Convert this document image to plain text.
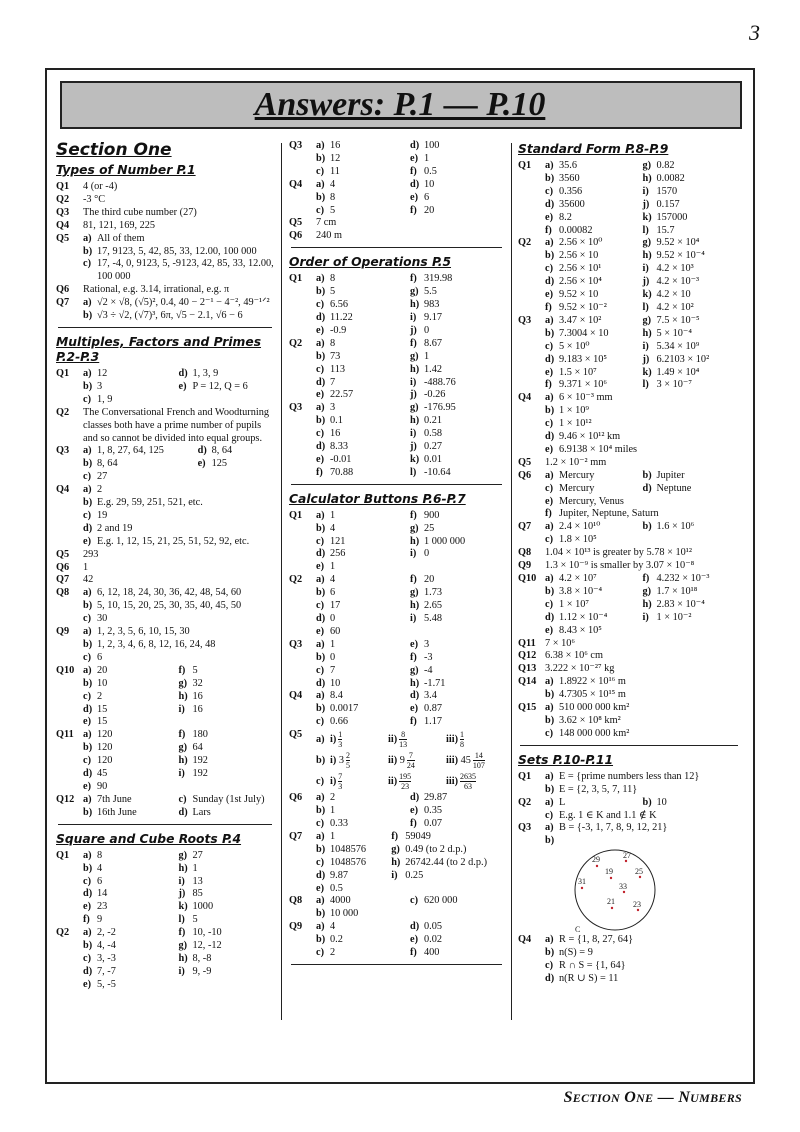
3
Answers: P.1 — P.10
Section One
Types of Number P.1
Q1	4 (or -4)
Q2	-3 °C
Q3	The third cube number (27)
Q4	81, 121, 169, 225
Q5	a) All of them
b) 17, 9123, 5, 42, 85, 33, 12.00, 100 000
c) 17, -4, 0, 9123, 5, -9123, 42, 85, 33, 12.00, 100 000
Q6	Rational, e.g. 3.14, irrational, e.g. π
Q7	a) √2 × √8, (√5)², 0.4, 40 − 2⁻¹ − 4⁻², 49⁻¹ᐟ²
b) √3 ÷ √2, (√7)³, 6π, √5 − 2.1, √6 − 6
Multiples, Factors and Primes
P.2-P.3
Q1	a) 12	d) 1, 3, 9
b) 3	e) P = 12, Q = 6
c) 1, 9
Q2	The Conversational French and Woodturning classes both have a prime number of pupils and so cannot be divided into equal groups.
Q3	a) 1, 8, 27, 64, 125	d) 8, 64
b) 8, 64	e) 125
c) 27
Q4	a) 2
b) E.g. 29, 59, 251, 521, etc.
c) 19
d) 2 and 19
e) E.g. 1, 12, 15, 21, 25, 51, 52, 92, etc.
Q5	293
Q6	1
Q7	42
Q8	a) 6, 12, 18, 24, 30, 36, 42, 48, 54, 60
b) 5, 10, 15, 20, 25, 30, 35, 40, 45, 50
c) 30
Q9	a) 1, 2, 3, 5, 6, 10, 15, 30
b) 1, 2, 3, 4, 6, 8, 12, 16, 24, 48
c) 6
Q10 a) 20	f) 5
b) 10	g) 32
c) 2	h) 16
d) 15	i) 16
e) 15
Q11 a) 120	f) 180
b) 120	g) 64
c) 120	h) 192
d) 45	i) 192
e) 90
Q12 a) 7th June	c) Sunday (1st July)
b) 16th June	d) Lars
Square and Cube Roots P.4
Q1	a) 8	g) 27
b) 4	h) 1
c) 6	i) 13
d) 14	j) 85
e) 23	k) 1000
f) 9	l) 5
Q2	a) 2, -2	f) 10, -10
b) 4, -4	g) 12, -12
c) 3, -3	h) 8, -8
d) 7, -7	i) 9, -9
e) 5, -5
Q3	a) 16	d) 100
b) 12	e) 1
c) 11	f) 0.5
Q4	a) 4	d) 10
b) 8	e) 6
c) 5	f) 20
Q5	7 cm
Q6	240 m
Order of Operations P.5
Q1	a) 8	f) 319.98
b) 5	g) 5.5
c) 6.56	h) 983
d) 11.22	i) 9.17
e) -0.9	j) 0
Q2	a) 8	f) 8.67
b) 73	g) 1
c) 113	h) 1.42
d) 7	i) -488.76
e) 22.57	j) -0.26
Q3	a) 3	g) -176.95
b) 0.1	h) 0.21
c) 16	i) 0.58
d) 8.33	j) 0.27
e) -0.01	k) 0.01
f) 70.88	l) -10.64
Calculator Buttons P.6-P.7
Q1	a) 1	f) 900
b) 4	g) 25
c) 121	h) 1 000 000
d) 256	i) 0
e) 1
Q2	a) 4	f) 20
b) 6	g) 1.73
c) 17	h) 2.65
d) 0	i) 5.48
e) 60
Q3	a) 1	e) 3
b) 0	f) -3
c) 7	g) -4
d) 10	h) -1.71
Q4	a) 8.4	d) 3.4
b) 0.0017	e) 0.87
c) 0.66	f) 1.17
Q5	a) $i) \frac{1}{3}$	$ii) \frac{8}{13}$	$iii) \frac{1}{8}$
b) i) $3 \frac{2}{5}$	ii) $9 \frac{7}{24}$	iii) $45 \frac{14}{107}$
c) $i) \frac{7}{3}$	$ii) \frac{195}{23}$	$iii) \frac{2635}{63}$
Q6	a) 2	d) 29.87
b) 1	e) 0.35
c) 0.33	f) 0.07
Q7	a) 1	f) 59049
b) 1048576	g) 0.49 (to 2 d.p.)
c) 1048576	h) 26742.44 (to 2 d.p.)
d) 9.87	i) 0.25
e) 0.5
Q8	a) 4000	c) 620 000
b) 10 000
Q9	a) 4	d) 0.05
b) 0.2	e) 0.02
c) 2	f) 400
Standard Form P.8-P.9
Q1	a) 35.6	g) 0.82
b) 3560	h) 0.0082
c) 0.356	i) 1570
d) 35600	j) 0.157
e) 8.2	k) 157000
f) 0.00082	l) 15.7
Q2	a) 2.56 × 10⁰	g) 9.52 × 10⁴
b) 2.56 × 10	h) 9.52 × 10⁻⁴
c) 2.56 × 10¹	i) 4.2 × 10³
d) 2.56 × 10⁴	j) 4.2 × 10⁻³
e) 9.52 × 10	k) 4.2 × 10
f) 9.52 × 10⁻²	l) 4.2 × 10²
Q3	a) 3.47 × 10²	g) 7.5 × 10⁻⁵
b) 7.3004 × 10	h) 5 × 10⁻⁴
c) 5 × 10⁰	i) 5.34 × 10⁹
d) 9.183 × 10⁵	j) 6.2103 × 10²
e) 1.5 × 10⁷	k) 1.49 × 10⁴
f) 9.371 × 10⁶	l) 3 × 10⁻⁷
Q4	a) 6 × 10⁻³ mm
b) 1 × 10⁹
c) 1 × 10¹²
d) 9.46 × 10¹² km
e) 6.9138 × 10⁴ miles
Q5	1.2 × 10⁻² mm
Q6	a) Mercury	b) Jupiter
c) Mercury	d) Neptune
e) Mercury, Venus
f) Jupiter, Neptune, Saturn
Q7	a) 2.4 × 10¹⁰	b) 1.6 × 10⁶
c) 1.8 × 10⁵
Q8	1.04 × 10¹³ is greater by 5.78 × 10¹²
Q9	1.3 × 10⁻⁹ is smaller by 3.07 × 10⁻⁸
Q10 a) 4.2 × 10⁷	f) 4.232 × 10⁻³
b) 3.8 × 10⁻⁴	g) 1.7 × 10¹⁸
c) 1 × 10⁷	h) 2.83 × 10⁻⁴
d) 1.12 × 10⁻⁴	i) 1 × 10⁻²
e) 8.43 × 10⁵
Q11 7 × 10⁶
Q12 6.38 × 10⁶ cm
Q13 3.222 × 10⁻²⁷ kg
Q14 a) 1.8922 × 10¹⁶ m
b) 4.7305 × 10¹⁵ m
Q15 a) 510 000 000 km²
b) 3.62 × 10⁸ km²
c) 148 000 000 km²
Sets P.10-P.11
Q1	a) E = {prime numbers less than 12}
b) E = {2, 3, 5, 7, 11}
Q2	a) L	b) 10
c) E.g. 1 ∈ K and 1.1 ∉ K
Q3	a) B = {-3, 1, 7, 8, 9, 12, 21}
b)
29	27
19	25
31
33
21 23
C
Q4	a) R = {1, 8, 27, 64}
b) n(S) = 9
c) R ∩ S = {1, 64}
d) n(R ∪ S) = 11
SECTION ONE — NUMBERS
